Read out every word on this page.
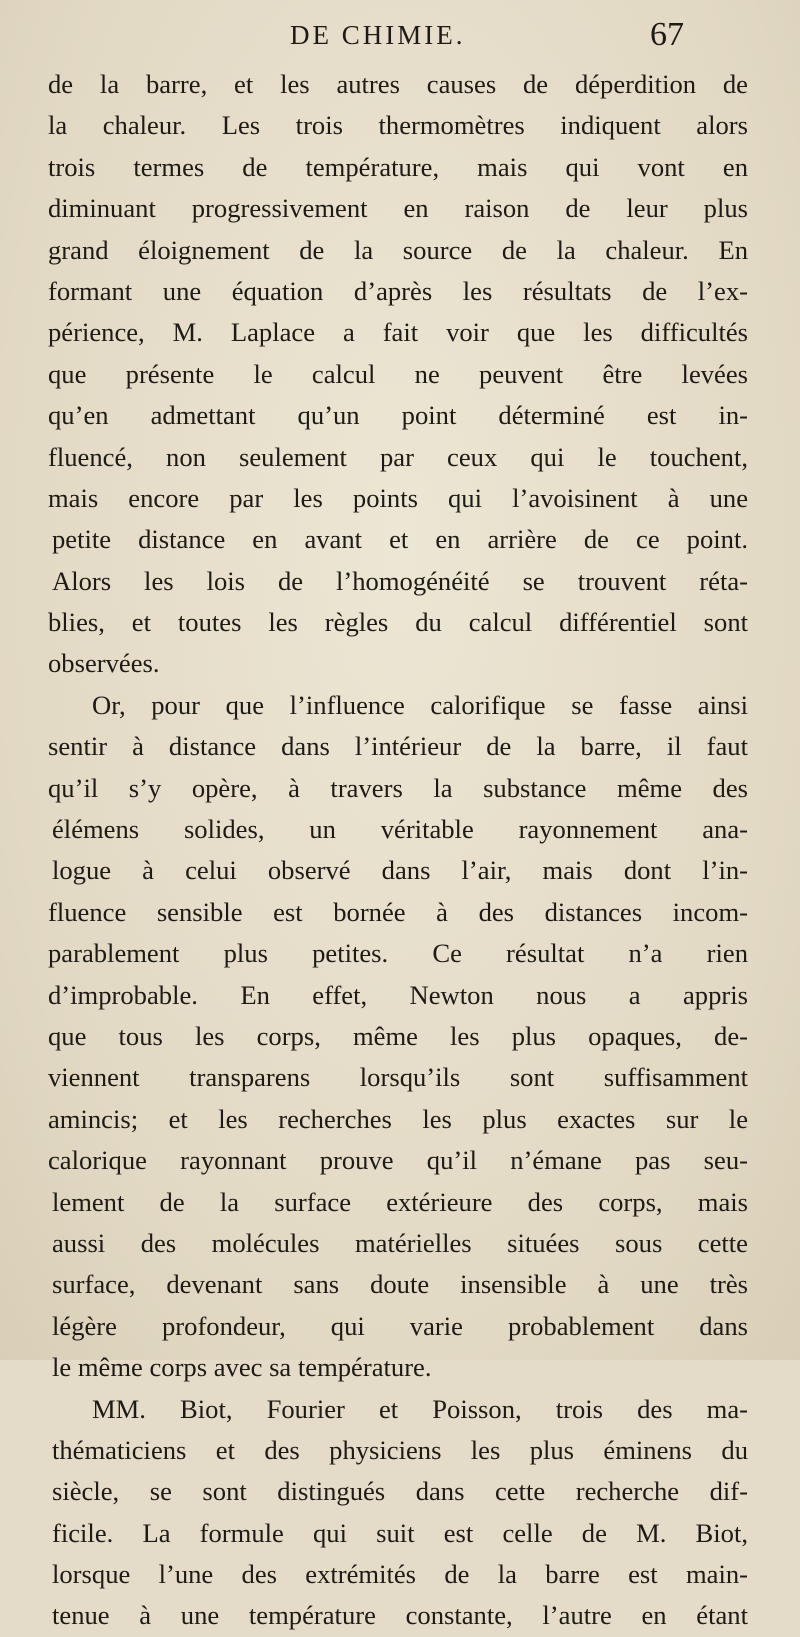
DE CHIMIE.	67
de la barre, et les autres causes de déperdition de
la chaleur. Les trois thermomètres indiquent alors
trois termes de température, mais qui vont en
diminuant progressivement en raison de leur plus
grand éloignement de la source de la chaleur. En
formant une équation d’après les résultats de l’ex-
périence, M. Laplace a fait voir que les difficultés
que présente le calcul ne peuvent être levées
qu’en admettant qu’un point déterminé est in-
fluencé, non seulement par ceux qui le touchent,
mais encore par les points qui l’avoisinent à une
petite distance en avant et en arrière de ce point.
Alors les lois de l’homogénéité se trouvent réta-
blies, et toutes les règles du calcul différentiel sont
observées.
Or, pour que l’influence calorifique se fasse ainsi
sentir à distance dans l’intérieur de la barre, il faut
qu’il s’y opère, à travers la substance même des
élémens solides, un véritable rayonnement ana-
logue à celui observé dans l’air, mais dont l’in-
fluence sensible est bornée à des distances incom-
parablement plus petites. Ce résultat n’a rien
d’improbable. En effet, Newton nous a appris
que tous les corps, même les plus opaques, de-
viennent transparens lorsqu’ils sont suffisamment
amincis; et les recherches les plus exactes sur le
calorique rayonnant prouve qu’il n’émane pas seu-
lement de la surface extérieure des corps, mais
aussi des molécules matérielles situées sous cette
surface, devenant sans doute insensible à une très
légère profondeur, qui varie probablement dans
le même corps avec sa température.
MM. Biot, Fourier et Poisson, trois des ma-
thématiciens et des physiciens les plus éminens du
siècle, se sont distingués dans cette recherche dif-
ficile. La formule qui suit est celle de M. Biot,
lorsque l’une des extrémités de la barre est main-
tenue à une température constante, l’autre en étant
